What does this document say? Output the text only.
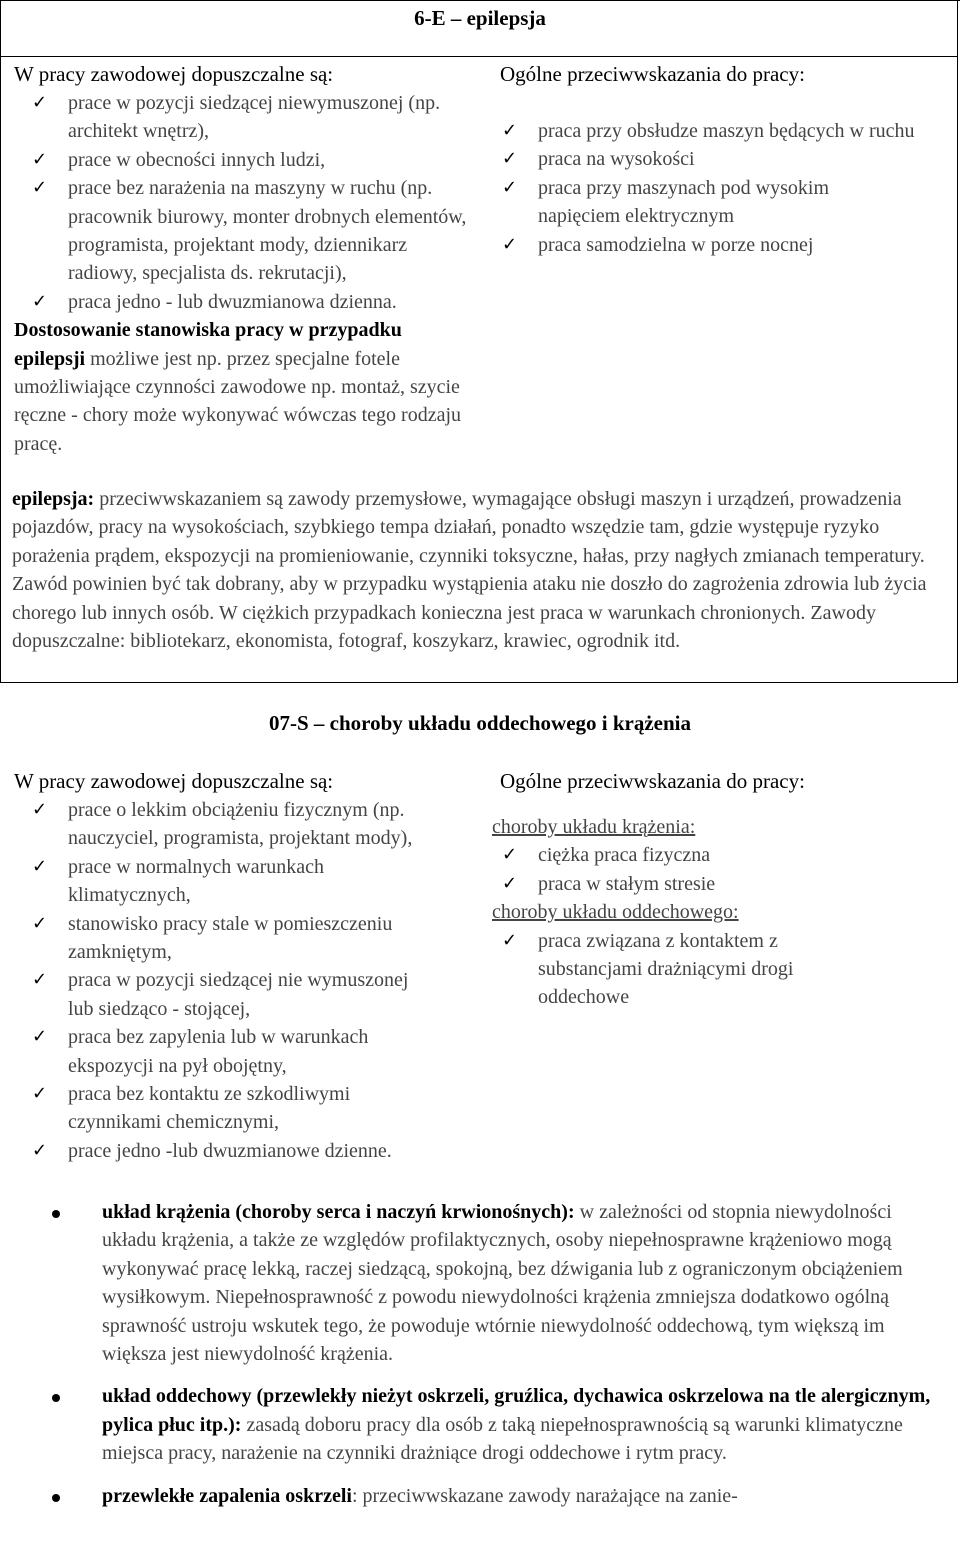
6-E – epilepsja
W pracy zawodowej dopuszczalne są:
✓ prace w pozycji siedzącej niewymuszonej (np. architekt wnętrz),
✓ prace w obecności innych ludzi,
✓ prace bez narażenia na maszyny w ruchu (np. pracownik biurowy, monter drobnych elementów, programista, projektant mody, dziennikarz radiowy, specjalista ds. rekrutacji),
✓ praca jedno - lub dwuzmianowa dzienna.
Dostosowanie stanowiska pracy w przypadku epilepsji możliwe jest np. przez specjalne fotele umożliwiające czynności zawodowe np. montaż, szycie ręczne - chory może wykonywać wówczas tego rodzaju pracę.
Ogólne przeciwwskazania do pracy:
✓ praca przy obsłudze maszyn będących w ruchu
✓ praca na wysokości
✓ praca przy maszynach pod wysokim napięciem elektrycznym
✓ praca samodzielna w porze nocnej
epilepsja: przeciwwskazaniem są zawody przemysłowe, wymagające obsługi maszyn i urządzeń, prowadzenia pojazdów, pracy na wysokościach, szybkiego tempa działań, ponadto wszędzie tam, gdzie występuje ryzyko porażenia prądem, ekspozycji na promieniowanie, czynniki toksyczne, hałas, przy nagłych zmianach temperatury. Zawód powinien być tak dobrany, aby w przypadku wystąpienia ataku nie doszło do zagrożenia zdrowia lub życia chorego lub innych osób. W ciężkich przypadkach konieczna jest praca w warunkach chronionych. Zawody dopuszczalne: bibliotekarz, ekonomista, fotograf, koszykarz, krawiec, ogrodnik itd.
07-S – choroby układu oddechowego i krążenia
W pracy zawodowej dopuszczalne są:
✓ prace o lekkim obciążeniu fizycznym (np. nauczyciel, programista, projektant mody),
✓ prace w normalnych warunkach klimatycznych,
✓ stanowisko pracy stale w pomieszczeniu zamkniętym,
✓ praca w pozycji siedzącej nie wymuszonej lub siedząco - stojącej,
✓ praca bez zapylenia lub w warunkach ekspozycji na pył obojętny,
✓ praca bez kontaktu ze szkodliwymi czynnikami chemicznymi,
✓ prace jedno -lub dwuzmianowe dzienne.
Ogólne przeciwwskazania do pracy:
choroby układu krążenia:
✓ ciężka praca fizyczna
✓ praca w stałym stresie
choroby układu oddechowego:
✓ praca związana z kontaktem z substancjami drażniącymi drogi oddechowe
układ krążenia (choroby serca i naczyń krwionośnych): w zależności od stopnia niewydolności układu krążenia, a także ze względów profilaktycznych, osoby niepełnosprawne krążeniowo mogą wykonywać pracę lekką, raczej siedzącą, spokojną, bez dźwigania lub z ograniczonym obciążeniem wysiłkowym. Niepełnosprawność z powodu niewydolności krążenia zmniejsza dodatkowo ogólną sprawność ustroju wskutek tego, że powoduje wtórnie niewydolność oddechową, tym większą im większa jest niewydolność krążenia.
układ oddechowy (przewlekły nieżyt oskrzeli, gruźlica, dychawica oskrzelowa na tle alergicznym, pylica płuc itp.): zasadą doboru pracy dla osób z taką niepełnosprawnością są warunki klimatyczne miejsca pracy, narażenie na czynniki drażniące drogi oddechowe i rytm pracy.
przewlekłe zapalenia oskrzeli: przeciwwskazane zawody narażające na zanie-
